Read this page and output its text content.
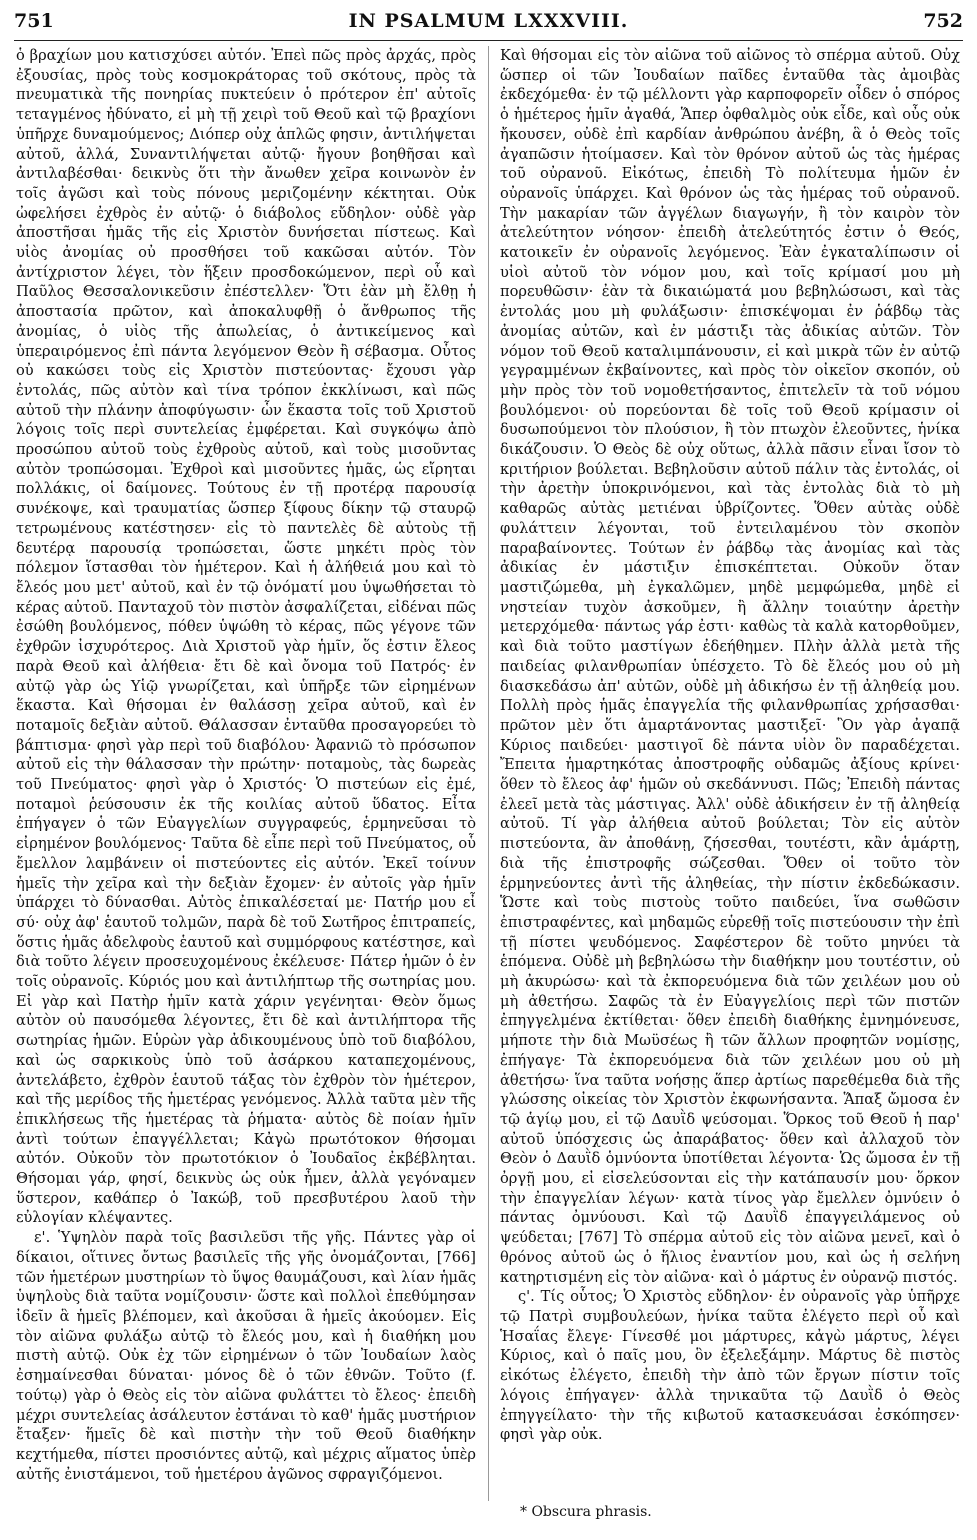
751	IN PSALMUM LXXXVIII.	752

ὁ βραχίων μου κατισχύσει αὐτόν. Ἐπεὶ πῶς πρὸς ἀρχάς, πρὸς ἐξουσίας, πρὸς τοὺς κοσμοκράτορας τοῦ σκότους, πρὸς τὰ πνευματικὰ τῆς πονηρίας πυκτεύειν ὁ πρότερον ἐπ' αὐτοῖς τεταγμένος ἠδύνατο, εἰ μὴ τῇ χειρὶ τοῦ Θεοῦ καὶ τῷ βραχίονι ὑπῆρχε δυναμούμενος; Διόπερ οὐχ ἁπλῶς φησιν, ἀντιλήψεται αὐτοῦ, ἀλλά, Συναντιλήψεται αὐτῷ· ἤγουν βοηθῆσαι καὶ ἀντιλαβέσθαι· δεικνὺς ὅτι τὴν ἄνωθεν χεῖρα κοινωνὸν ἐν τοῖς ἀγῶσι καὶ τοὺς πόνους μεριζομένην κέκτηται. Οὐκ ὠφελήσει ἐχθρὸς ἐν αὐτῷ· ὁ διάβολος εὔδηλον· οὐδὲ γὰρ ἀποστῆσαι ἡμᾶς τῆς εἰς Χριστὸν δυνήσεται πίστεως. Καὶ υἱὸς ἀνομίας οὐ προσθήσει τοῦ κακῶσαι αὐτόν. Τὸν ἀντίχριστον λέγει, τὸν ἥξειν προσδοκώμενον, περὶ οὗ καὶ Παῦλος Θεσσαλονικεῦσιν ἐπέστελλεν· Ὅτι ἐὰν μὴ ἔλθῃ ἡ ἀποστασία πρῶτον, καὶ ἀποκαλυφθῇ ὁ ἄνθρωπος τῆς ἀνομίας, ὁ υἱὸς τῆς ἀπωλείας, ὁ ἀντικείμενος καὶ ὑπεραιρόμενος ἐπὶ πάντα λεγόμενον Θεὸν ἢ σέβασμα. Οὗτος οὐ κακώσει τοὺς εἰς Χριστὸν πιστεύοντας· ἔχουσι γὰρ ἐντολάς, πῶς αὐτὸν καὶ τίνα τρόπον ἐκκλίνωσι, καὶ πῶς αὐτοῦ τὴν πλάνην ἀποφύγωσιν· ὧν ἕκαστα τοῖς τοῦ Χριστοῦ λόγοις τοῖς περὶ συντελείας ἐμφέρεται. Καὶ συγκόψω ἀπὸ προσώπου αὐτοῦ τοὺς ἐχθροὺς αὐτοῦ, καὶ τοὺς μισοῦντας αὐτὸν τροπώσομαι. Ἐχθροὶ καὶ μισοῦντες ἡμᾶς, ὡς εἴρηται πολλάκις, οἱ δαίμονες. Τούτους ἐν τῇ προτέρᾳ παρουσίᾳ συνέκοψε, καὶ τραυματίας ὥσπερ ξίφους δίκην τῷ σταυρῷ τετρωμένους κατέστησεν· εἰς τὸ παντελὲς δὲ αὐτοὺς τῇ δευτέρᾳ παρουσίᾳ τροπώσεται, ὥστε μηκέτι πρὸς τὸν πόλεμον ἵστασθαι τὸν ἡμέτερον. Καὶ ἡ ἀλήθειά μου καὶ τὸ ἔλεός μου μετ' αὐτοῦ, καὶ ἐν τῷ ὀνόματί μου ὑψωθήσεται τὸ κέρας αὐτοῦ. Πανταχοῦ τὸν πιστὸν ἀσφαλίζεται, εἰδέναι πῶς ἐσώθη βουλόμενος, πόθεν ὑψώθη τὸ κέρας, πῶς γέγονε τῶν ἐχθρῶν ἰσχυρότερος. Διὰ Χριστοῦ γὰρ ἡμῖν, ὅς ἐστιν ἔλεος παρὰ Θεοῦ καὶ ἀλήθεια· ἔτι δὲ καὶ ὄνομα τοῦ Πατρός· ἐν αὐτῷ γὰρ ὡς Υἱῷ γνωρίζεται, καὶ ὑπῆρξε τῶν εἰρημένων ἕκαστα. Καὶ θήσομαι ἐν θαλάσσῃ χεῖρα αὐτοῦ, καὶ ἐν ποταμοῖς δεξιὰν αὐτοῦ. Θάλασσαν ἐνταῦθα προσαγορεύει τὸ βάπτισμα· φησὶ γὰρ περὶ τοῦ διαβόλου· Ἀφανιῶ τὸ πρόσωπον αὐτοῦ εἰς τὴν θάλασσαν τὴν πρώτην· ποταμοὺς, τὰς δωρεὰς τοῦ Πνεύματος· φησὶ γὰρ ὁ Χριστός· Ὁ πιστεύων εἰς ἐμέ, ποταμοὶ ῥεύσουσιν ἐκ τῆς κοιλίας αὐτοῦ ὕδατος. Εἶτα ἐπήγαγεν ὁ τῶν Εὐαγγελίων συγγραφεύς, ἑρμηνεῦσαι τὸ εἰρημένον βουλόμενος· Ταῦτα δὲ εἶπε περὶ τοῦ Πνεύματος, οὗ ἔμελλον λαμβάνειν οἱ πιστεύοντες εἰς αὐτόν. Ἐκεῖ τοίνυν ἡμεῖς τὴν χεῖρα καὶ τὴν δεξιὰν ἔχομεν· ἐν αὐτοῖς γὰρ ἡμῖν ὑπάρχει τὸ δύνασθαι. Αὐτὸς ἐπικαλέσεταί με· Πατήρ μου εἶ σύ· οὐχ ἀφ' ἑαυτοῦ τολμῶν, παρὰ δὲ τοῦ Σωτῆρος ἐπιτραπείς, ὅστις ἡμᾶς ἀδελφοὺς ἑαυτοῦ καὶ συμμόρφους κατέστησε, καὶ διὰ τοῦτο λέγειν προσευχομένους ἐκέλευσε· Πάτερ ἡμῶν ὁ ἐν τοῖς οὐρανοῖς. Κύριός μου καὶ ἀντιλήπτωρ τῆς σωτηρίας μου. Εἰ γὰρ καὶ Πατὴρ ἡμῖν κατὰ χάριν γεγένηται· Θεὸν ὅμως αὐτὸν οὐ παυσόμεθα λέγοντες, ἔτι δὲ καὶ ἀντιλήπτορα τῆς σωτηρίας ἡμῶν. Εὑρὼν γὰρ ἀδικουμένους ὑπὸ τοῦ διαβόλου, καὶ ὡς σαρκικοὺς ὑπὸ τοῦ ἀσάρκου καταπεχομένους, ἀντελάβετο, ἐχθρὸν ἑαυτοῦ τάξας τὸν ἐχθρὸν τὸν ἡμέτερον, καὶ τῆς μερίδος τῆς ἡμετέρας γενόμενος. Ἀλλὰ ταῦτα μὲν τῆς ἐπικλήσεως τῆς ἡμετέρας τὰ ῥήματα· αὐτὸς δὲ ποίαν ἡμῖν ἀντὶ τούτων ἐπαγγέλλεται; Κἀγὼ πρωτότοκον θήσομαι αὐτόν. Οὐκοῦν τὸν πρωτοτόκιον ὁ Ἰουδαῖος ἐκβέβληται. Θήσομαι γάρ, φησί, δεικνὺς ὡς οὐκ ἦμεν, ἀλλὰ γεγόναμεν ὕστερον, καθάπερ ὁ Ἰακώβ, τοῦ πρεσβυτέρου λαοῦ τὴν εὐλογίαν κλέψαντες.

ε'. Ὑψηλὸν παρὰ τοῖς βασιλεῦσι τῆς γῆς. Πάντες γὰρ οἱ δίκαιοι, οἵτινες ὄντως βασιλεῖς τῆς γῆς ὀνομάζονται, [766] τῶν ἡμετέρων μυστηρίων τὸ ὕψος θαυμάζουσι, καὶ λίαν ἡμᾶς ὑψηλοὺς διὰ ταῦτα νομίζουσιν· ὥστε καὶ πολλοὶ ἐπεθύμησαν ἰδεῖν ἃ ἡμεῖς βλέπομεν, καὶ ἀκοῦσαι ἃ ἡμεῖς ἀκούομεν. Εἰς τὸν αἰῶνα φυλάξω αὐτῷ τὸ ἔλεός μου, καὶ ἡ διαθήκη μου πιστὴ αὐτῷ. Οὐκ ἐχ τῶν εἰρημένων ὁ τῶν Ἰουδαίων λαὸς ἐσημαίνεσθαι δύναται· μόνος δὲ ὁ τῶν ἐθνῶν. Τοῦτο (f. τούτῳ) γὰρ ὁ Θεὸς εἰς τὸν αἰῶνα φυλάττει τὸ ἔλεος· ἐπειδὴ μέχρι συντελείας ἀσάλευτον ἐστάναι τὸ καθ' ἡμᾶς μυστήριον ἔταξεν· ἥμεῖς δὲ καὶ πιστὴν τὴν τοῦ Θεοῦ διαθήκην κεχτήμεθα, πίστει προσιόντες αὐτῷ, καὶ μέχρις αἵματος ὑπὲρ αὐτῆς ἐνιστάμενοι, τοῦ ἡμετέρου ἀγῶνος σφραγιζόμενοι.

Καὶ θήσομαι εἰς τὸν αἰῶνα τοῦ αἰῶνος τὸ σπέρμα αὐτοῦ. Οὐχ ὥσπερ οἱ τῶν Ἰουδαίων παῖδες ἐνταῦθα τὰς ἀμοιβὰς ἐκδεχόμεθα· ἐν τῷ μέλλοντι γὰρ καρποφορεῖν οἶδεν ὁ σπόρος ὁ ἡμέτερος ἡμῖν ἀγαθά, Ἅπερ ὀφθαλμὸς οὐκ εἶδε, καὶ οὖς οὐκ ἤκουσεν, οὐδὲ ἐπὶ καρδίαν ἀνθρώπου ἀνέβη, ἃ ὁ Θεὸς τοῖς ἀγαπῶσιν ἡτοίμασεν. Καὶ τὸν θρόνον αὐτοῦ ὡς τὰς ἡμέρας τοῦ οὐρανοῦ. Εἰκότως, ἐπειδὴ Τὸ πολίτευμα ἡμῶν ἐν οὐρανοῖς ὑπάρχει. Καὶ θρόνον ὡς τὰς ἡμέρας τοῦ οὐρανοῦ. Τὴν μακαρίαν τῶν ἀγγέλων διαγωγήν, ἢ τὸν καιρὸν τὸν ἀτελεύτητον νόησον· ἐπειδὴ ἀτελεύτητός ἐστιν ὁ Θεός, κατοικεῖν ἐν οὐρανοῖς λεγόμενος. Ἐὰν ἐγκαταλίπωσιν οἱ υἱοὶ αὐτοῦ τὸν νόμον μου, καὶ τοῖς κρίμασί μου μὴ πορευθῶσιν· ἐὰν τὰ δικαιώματά μου βεβηλώσωσι, καὶ τὰς ἐντολάς μου μὴ φυλάξωσιν· ἐπισκέψομαι ἐν ῥάβδῳ τὰς ἀνομίας αὐτῶν, καὶ ἐν μάστιξι τὰς ἀδικίας αὐτῶν. Τὸν νόμον τοῦ Θεοῦ καταλιμπάνουσιν, εἰ καὶ μικρὰ τῶν ἐν αὐτῷ γεγραμμένων ἐκβαίνοντες, καὶ πρὸς τὸν οἰκεῖον σκοπόν, οὐ μὴν πρὸς τὸν τοῦ νομοθετήσαντος, ἐπιτελεῖν τὰ τοῦ νόμου βουλόμενοι· οὐ πορεύονται δὲ τοῖς τοῦ Θεοῦ κρίμασιν οἱ δυσωπούμενοι τὸν πλούσιον, ἢ τὸν πτωχὸν ἐλεοῦντες, ἡνίκα δικάζουσιν. Ὁ Θεὸς δὲ οὐχ οὕτως, ἀλλὰ πᾶσιν εἶναι ἴσον τὸ κριτήριον βούλεται. Βεβηλοῦσιν αὐτοῦ πάλιν τὰς ἐντολάς, οἱ τὴν ἀρετὴν ὑποκρινόμενοι, καὶ τὰς ἐντολὰς διὰ τὸ μὴ καθαρῶς αὐτὰς μετιέναι ὑβρίζοντες. Ὅθεν αὐτὰς οὐδὲ φυλάττειν λέγονται, τοῦ ἐντειλαμένου τὸν σκοπὸν παραβαίνοντες. Τούτων ἐν ῥάβδῳ τὰς ἀνομίας καὶ τὰς ἀδικίας ἐν μάστιξιν ἐπισκέπτεται. Οὐκοῦν ὅταν μαστιζώμεθα, μὴ ἐγκαλῶμεν, μηδὲ μεμφώμεθα, μηδὲ εἰ νηστείαν τυχὸν ἀσκοῦμεν, ἢ ἄλλην τοιαύτην ἀρετὴν μετερχόμεθα· πάντως γάρ ἐστι· καθὼς τὰ καλὰ κατορθοῦμεν, καὶ διὰ τοῦτο μαστίγων ἐδεήθημεν. Πλὴν ἀλλὰ μετὰ τῆς παιδείας φιλανθρωπίαν ὑπέσχετο. Τὸ δὲ ἔλεός μου οὐ μὴ διασκεδάσω ἀπ' αὐτῶν, οὐδὲ μὴ ἀδικήσω ἐν τῇ ἀληθείᾳ μου. Πολλὴ πρὸς ἡμᾶς ἐπαγγελία τῆς φιλανθρωπίας χρήσασθαι· πρῶτον μὲν ὅτι ἁμαρτάνοντας μαστιξεῖ· Ὃν γὰρ ἀγαπᾷ Κύριος παιδεύει· μαστιγοῖ δὲ πάντα υἱὸν ὃν παραδέχεται. Ἔπειτα ἡμαρτηκότας ἀποστροφῆς οὐδαμῶς ἀξίους κρίνει· ὅθεν τὸ ἔλεος ἀφ' ἡμῶν οὐ σκεδάννυσι. Πῶς; Ἐπειδὴ πάντας ἐλεεῖ μετὰ τὰς μάστιγας. Ἀλλ' οὐδὲ ἀδικήσειν ἐν τῇ ἀληθείᾳ αὐτοῦ. Τί γὰρ ἀλήθεια αὐτοῦ βούλεται; Τὸν εἰς αὐτὸν πιστεύοντα, ἂν ἀποθάνῃ, ζήσεσθαι, τουτέστι, κἂν ἁμάρτῃ, διὰ τῆς ἐπιστροφῆς σώζεσθαι. Ὅθεν οἱ τοῦτο τὸν ἑρμηνεύοντες ἀντὶ τῆς ἀληθείας, τὴν πίστιν ἐκδεδώκασιν. Ὥστε καὶ τοὺς πιστοὺς τοῦτο παιδεύει, ἵνα σωθῶσιν ἐπιστραφέντες, καὶ μηδαμῶς εὑρεθῇ τοῖς πιστεύουσιν τὴν ἐπὶ τῇ πίστει ψευδόμενος. Σαφέστερον δὲ τοῦτο μηνύει τὰ ἑπόμενα. Οὐδὲ μὴ βεβηλώσω τὴν διαθήκην μου τουτέστιν, οὐ μὴ ἀκυρώσω· καὶ τὰ ἐκπορευόμενα διὰ τῶν χειλέων μου οὐ μὴ ἀθετήσω. Σαφῶς τὰ ἐν Εὐαγγελίοις περὶ τῶν πιστῶν ἐπηγγελμένα ἐκτίθεται· ὅθεν ἐπειδὴ διαθήκης ἐμνημόνευσε, μήποτε τὴν διὰ Μωϋσέως ἢ τῶν ἄλλων προφητῶν νομίσῃς, ἐπήγαγε· Τὰ ἐκπορευόμενα διὰ τῶν χειλέων μου οὐ μὴ ἀθετήσω· ἵνα ταῦτα νοήσῃς ἅπερ ἀρτίως παρεθέμεθα διὰ τῆς γλώσσης οἰκείας τὸν Χριστὸν ἐκφωνήσαντα. Ἅπαξ ὤμοσα ἐν τῷ ἁγίῳ μου, εἰ τῷ Δαυῒδ ψεύσομαι. Ὅρκος τοῦ Θεοῦ ἡ παρ' αὐτοῦ ὑπόσχεσις ὡς ἀπαράβατος· ὅθεν καὶ ἀλλαχοῦ τὸν Θεὸν ὁ Δαυῒδ ὁμνύοντα ὑποτίθεται λέγοντα· Ὡς ὤμοσα ἐν τῇ ὀργῇ μου, εἰ εἰσελεύσονται εἰς τὴν κατάπαυσίν μου· ὅρκον τὴν ἐπαγγελίαν λέγων· κατὰ τίνος γὰρ ἔμελλεν ὀμνύειν ὁ πάντας ὀμνύουσι. Καὶ τῷ Δαυῒδ ἐπαγγειλάμενος οὐ ψεύδεται; [767] Τὸ σπέρμα αὐτοῦ εἰς τὸν αἰῶνα μενεῖ, καὶ ὁ θρόνος αὐτοῦ ὡς ὁ ἥλιος ἐναντίον μου, καὶ ὡς ἡ σελήνη κατηρτισμένη εἰς τὸν αἰῶνα· καὶ ὁ μάρτυς ἐν οὐρανῷ πιστός.

ς'. Τίς οὗτος; Ὁ Χριστὸς εὔδηλον· ἐν οὐρανοῖς γὰρ ὑπῆρχε τῷ Πατρὶ συμβουλεύων, ἡνίκα ταῦτα ἐλέγετο περὶ οὗ καὶ Ἡσαΐας ἔλεγε· Γίνεσθέ μοι μάρτυρες, κἀγὼ μάρτυς, λέγει Κύριος, καὶ ὁ παῖς μου, ὃν ἐξελεξάμην. Μάρτυς δὲ πιστὸς εἰκότως ἐλέγετο, ἐπειδὴ τὴν ἀπὸ τῶν ἔργων πίστιν τοῖς λόγοις ἐπήγαγεν· ἀλλὰ τηνικαῦτα τῷ Δαυῒδ ὁ Θεὸς ἐπηγγείλατο· τὴν τῆς κιβωτοῦ κατασκευάσαι ἐσκόπησεν· φησὶ γὰρ οὐκ.

* Obscura phrasis.
